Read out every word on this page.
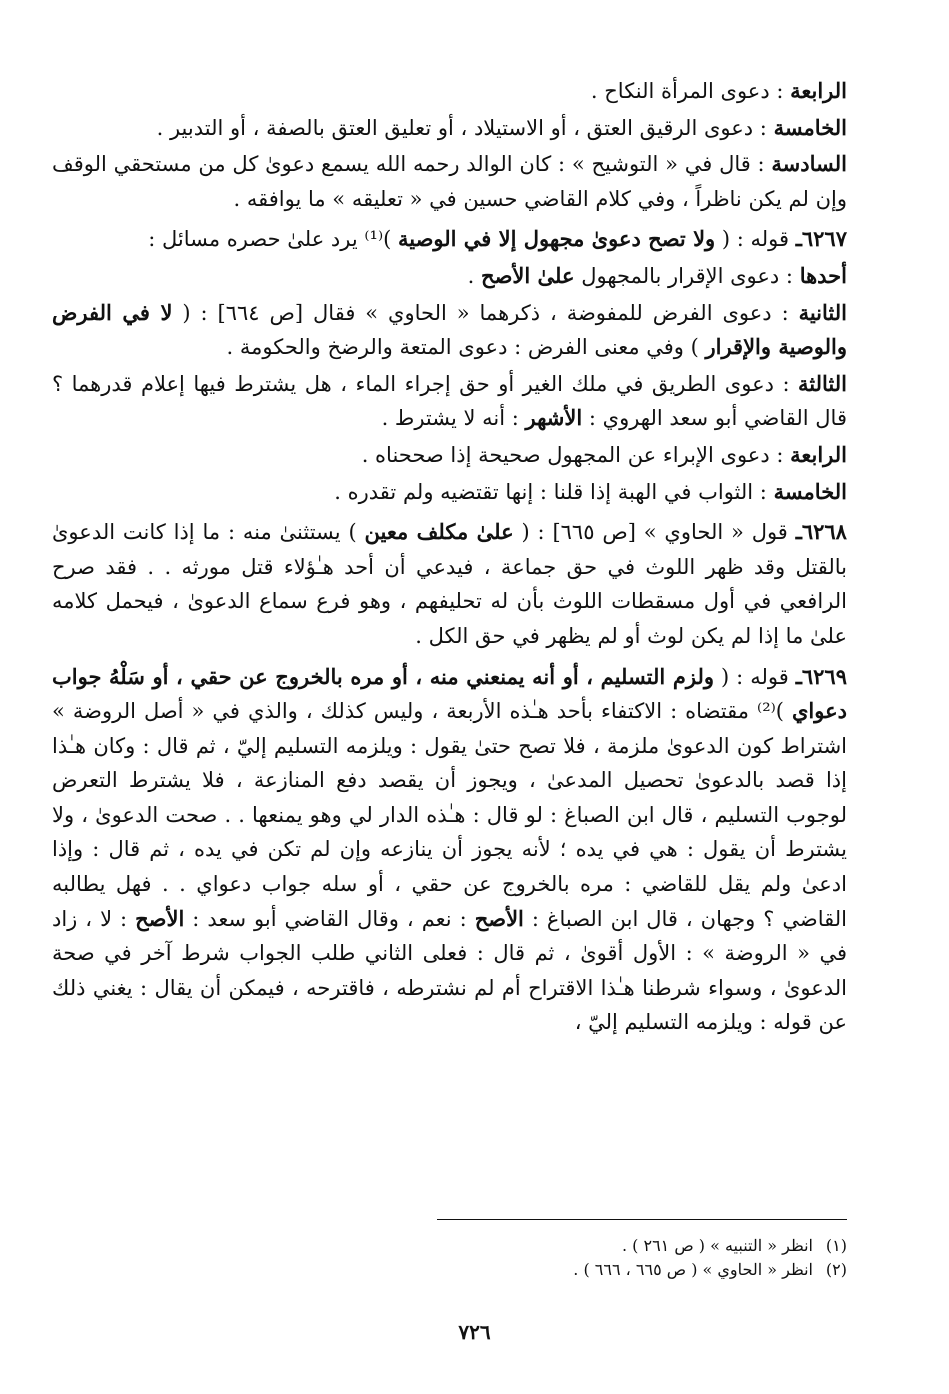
الرابعة : دعوى المرأة النكاح .

الخامسة : دعوى الرقيق العتق ، أو الاستيلاد ، أو تعليق العتق بالصفة ، أو التدبير .

السادسة : قال في « التوشيح » : كان الوالد رحمه الله يسمع دعوىٰ كل من مستحقي الوقف وإن لم يكن ناظراً ، وفي كلام القاضي حسين في « تعليقه » ما يوافقه .

٦٢٦٧ـ قوله : ( ولا تصح دعوىٰ مجهول إلا في الوصية )⁽¹⁾ يرد علىٰ حصره مسائل :

أحدها : دعوى الإقرار بالمجهول علىٰ الأصح .

الثانية : دعوى الفرض للمفوضة ، ذكرهما « الحاوي » فقال [ص ٦٦٤] : ( لا في الفرض والوصية والإقرار ) وفي معنى الفرض : دعوى المتعة والرضخ والحكومة .

الثالثة : دعوى الطريق في ملك الغير أو حق إجراء الماء ، هل يشترط فيها إعلام قدرهما ؟ قال القاضي أبو سعد الهروي : الأشهر : أنه لا يشترط .

الرابعة : دعوى الإبراء عن المجهول صحيحة إذا صححناه .

الخامسة : الثواب في الهبة إذا قلنا : إنها تقتضيه ولم تقدره .

٦٢٦٨ـ قول « الحاوي » [ص ٦٦٥] : ( علىٰ مكلف معين ) يستثنىٰ منه : ما إذا كانت الدعوىٰ بالقتل وقد ظهر اللوث في حق جماعة ، فيدعي أن أحد هـٰؤلاء قتل مورثه . . فقد صرح الرافعي في أول مسقطات اللوث بأن له تحليفهم ، وهو فرع سماع الدعوىٰ ، فيحمل كلامه علىٰ ما إذا لم يكن لوث أو لم يظهر في حق الكل .

٦٢٦٩ـ قوله : ( ولزم التسليم ، أو أنه يمنعني منه ، أو مره بالخروج عن حقي ، أو سَلْهُ جواب دعواي )⁽²⁾ مقتضاه : الاكتفاء بأحد هـٰذه الأربعة ، وليس كذلك ، والذي في « أصل الروضة » اشتراط كون الدعوىٰ ملزمة ، فلا تصح حتىٰ يقول : ويلزمه التسليم إليّ ، ثم قال : وكان هـٰذا إذا قصد بالدعوىٰ تحصيل المدعىٰ ، ويجوز أن يقصد دفع المنازعة ، فلا يشترط التعرض لوجوب التسليم ، قال ابن الصباغ : لو قال : هـٰذه الدار لي وهو يمنعها . . صحت الدعوىٰ ، ولا يشترط أن يقول : هي في يده ؛ لأنه يجوز أن ينازعه وإن لم تكن في يده ، ثم قال : وإذا ادعىٰ ولم يقل للقاضي : مره بالخروج عن حقي ، أو سله جواب دعواي . . فهل يطالبه القاضي ؟ وجهان ، قال ابن الصباغ : الأصح : نعم ، وقال القاضي أبو سعد : الأصح : لا ، زاد في « الروضة » : الأول أقوىٰ ، ثم قال : فعلى الثاني طلب الجواب شرط آخر في صحة الدعوىٰ ، وسواء شرطنا هـٰذا الاقتراح أم لم نشترطه ، فاقترحه ، فيمكن أن يقال : يغني ذلك عن قوله : ويلزمه التسليم إليّ ،

(١)انظر « التنبيه » ( ص ٢٦١ ) .

(٢)انظر « الحاوي » ( ص ٦٦٥ ، ٦٦٦ ) .

٧٢٦
